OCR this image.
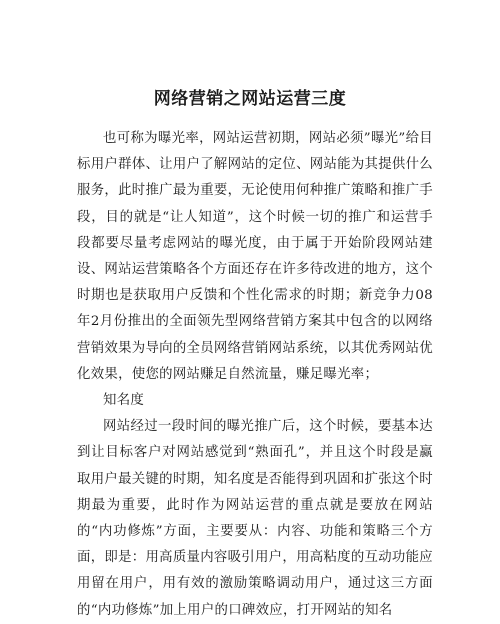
网络营销之网站运营三度

也可称为曝光率，网站运营初期，网站必须”曝光”给目标用户群体、让用户了解网站的定位、网站能为其提供什么服务，此时推广最为重要，无论使用何种推广策略和推广手段，目的就是“让人知道”，这个时候一切的推广和运营手段都要尽量考虑网站的曝光度，由于属于开始阶段网站建设、网站运营策略各个方面还存在许多待改进的地方，这个时期也是获取用户反馈和个性化需求的时期；新竞争力08年2月份推出的全面领先型网络营销方案其中包含的以网络营销效果为导向的全员网络营销网站系统，以其优秀网站优化效果，使您的网站赚足自然流量，赚足曝光率；

知名度

网站经过一段时间的曝光推广后，这个时候，要基本达到让目标客户对网站感觉到“熟面孔”，并且这个时段是赢取用户最关键的时期，知名度是否能得到巩固和扩张这个时期最为重要，此时作为网站运营的重点就是要放在网站的“内功修炼”方面，主要要从：内容、功能和策略三个方面，即是：用高质量内容吸引用户，用高粘度的互动功能应用留在用户，用有效的激励策略调动用户，通过这三方面的“内功修炼”加上用户的口碑效应，打开网站的知名
